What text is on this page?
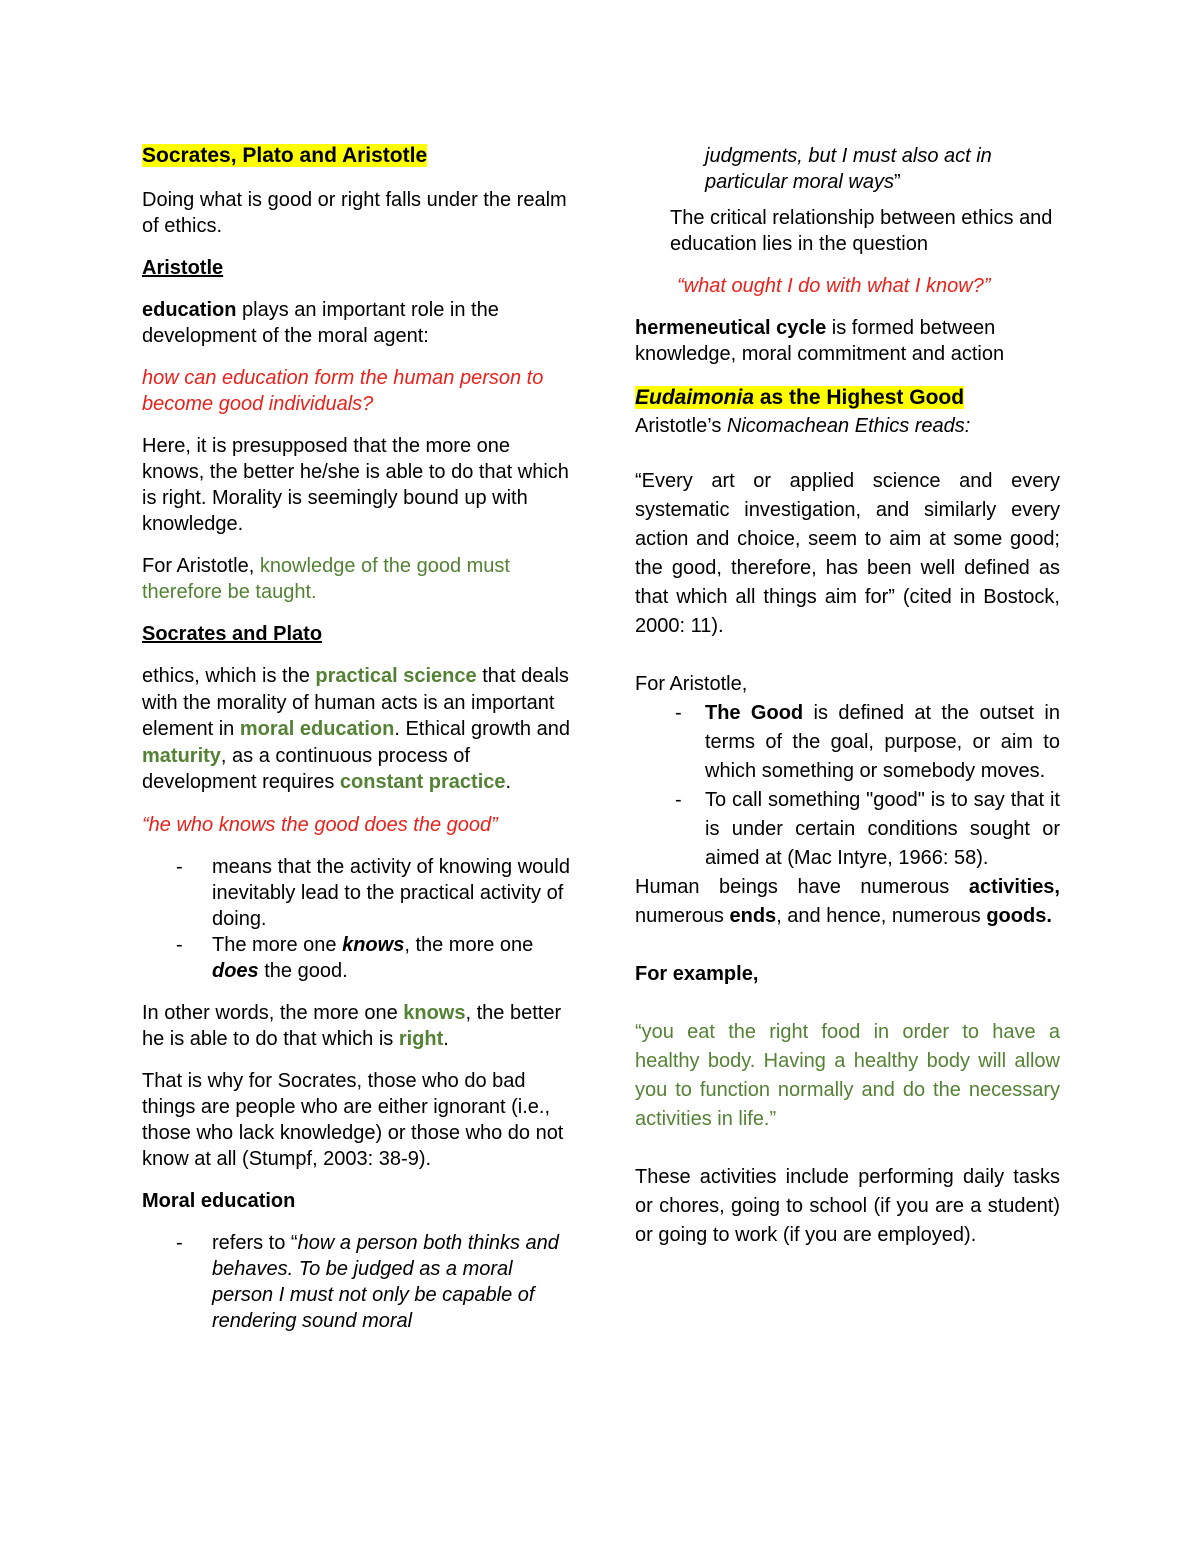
Socrates, Plato and Aristotle

Doing what is good or right falls under the realm of ethics.

Aristotle

education plays an important role in the development of the moral agent:

how can education form the human person to become good individuals?

Here, it is presupposed that the more one knows, the better he/she is able to do that which is right. Morality is seemingly bound up with knowledge.

For Aristotle, knowledge of the good must therefore be taught.

Socrates and Plato

ethics, which is the practical science that deals with the morality of human acts is an important element in moral education. Ethical growth and maturity, as a continuous process of development requires constant practice.

“he who knows the good does the good”

- means that the activity of knowing would inevitably lead to the practical activity of doing.
- The more one knows, the more one does the good.

In other words, the more one knows, the better he is able to do that which is right.

That is why for Socrates, those who do bad things are people who are either ignorant (i.e., those who lack knowledge) or those who do not know at all (Stumpf, 2003: 38-9).

Moral education

- refers to “how a person both thinks and behaves. To be judged as a moral person I must not only be capable of rendering sound moral

judgments, but I must also act in particular moral ways”

The critical relationship between ethics and education lies in the question

“what ought I do with what I know?”

hermeneutical cycle is formed between knowledge, moral commitment and action

Eudaimonia as the Highest Good

Aristotle’s Nicomachean Ethics reads:

“Every art or applied science and every systematic investigation, and similarly every action and choice, seem to aim at some good; the good, therefore, has been well defined as that which all things aim for” (cited in Bostock, 2000: 11).

For Aristotle,

- The Good is defined at the outset in terms of the goal, purpose, or aim to which something or somebody moves.
- To call something "good" is to say that it is under certain conditions sought or aimed at (Mac Intyre, 1966: 58).

Human beings have numerous activities, numerous ends, and hence, numerous goods.

For example,

“you eat the right food in order to have a healthy body. Having a healthy body will allow you to function normally and do the necessary activities in life.”

These activities include performing daily tasks or chores, going to school (if you are a student) or going to work (if you are employed).
